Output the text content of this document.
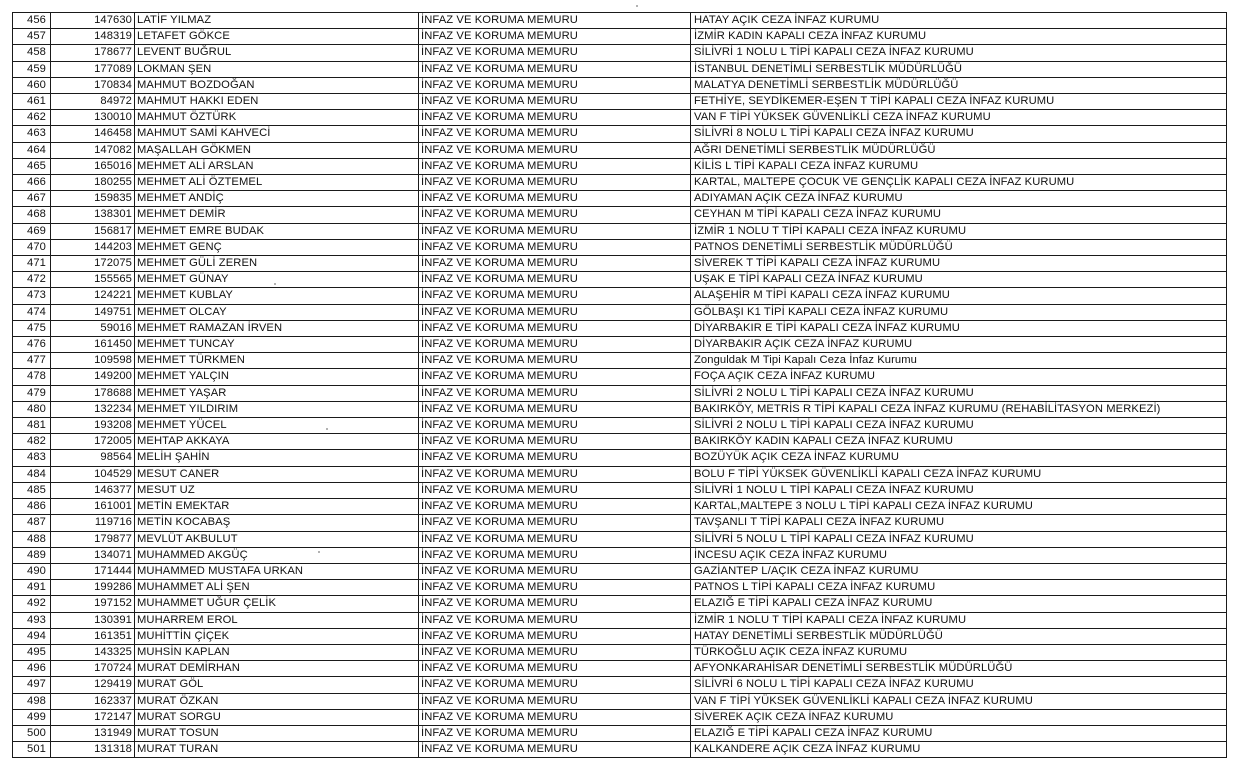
456	147630	LATİF YILMAZ	İNFAZ VE KORUMA MEMURU	HATAY AÇIK CEZA İNFAZ KURUMU
457	148319	LETAFET GÖKCE	İNFAZ VE KORUMA MEMURU	İZMİR KADIN KAPALI CEZA İNFAZ KURUMU
458	178677	LEVENT BUĞRUL	İNFAZ VE KORUMA MEMURU	SİLİVRİ 1 NOLU L TİPİ KAPALI CEZA İNFAZ KURUMU
459	177089	LOKMAN ŞEN	İNFAZ VE KORUMA MEMURU	İSTANBUL DENETİMLİ SERBESTLİK MÜDÜRLÜĞÜ
460	170834	MAHMUT BOZDOĞAN	İNFAZ VE KORUMA MEMURU	MALATYA DENETİMLİ SERBESTLİK MÜDÜRLÜĞÜ
461	84972	MAHMUT HAKKI EDEN	İNFAZ VE KORUMA MEMURU	FETHİYE, SEYDİKEMER-EŞEN T TİPİ KAPALI CEZA İNFAZ KURUMU
462	130010	MAHMUT ÖZTÜRK	İNFAZ VE KORUMA MEMURU	VAN F TİPİ YÜKSEK GÜVENLİKLİ CEZA İNFAZ KURUMU
463	146458	MAHMUT SAMİ KAHVECİ	İNFAZ VE KORUMA MEMURU	SİLİVRİ 8 NOLU L TİPİ KAPALI CEZA İNFAZ KURUMU
464	147082	MAŞALLAH GÖKMEN	İNFAZ VE KORUMA MEMURU	AĞRI DENETİMLİ SERBESTLİK MÜDÜRLÜĞÜ
465	165016	MEHMET ALİ ARSLAN	İNFAZ VE KORUMA MEMURU	KİLİS L TİPİ KAPALI CEZA İNFAZ KURUMU
466	180255	MEHMET ALİ ÖZTEMEL	İNFAZ VE KORUMA MEMURU	KARTAL, MALTEPE ÇOCUK VE GENÇLİK KAPALI CEZA İNFAZ KURUMU
467	159835	MEHMET ANDİÇ	İNFAZ VE KORUMA MEMURU	ADIYAMAN AÇIK CEZA İNFAZ KURUMU
468	138301	MEHMET DEMİR	İNFAZ VE KORUMA MEMURU	CEYHAN M TİPİ KAPALI CEZA İNFAZ KURUMU
469	156817	MEHMET EMRE BUDAK	İNFAZ VE KORUMA MEMURU	İZMİR 1 NOLU T TİPİ KAPALI CEZA İNFAZ KURUMU
470	144203	MEHMET GENÇ	İNFAZ VE KORUMA MEMURU	PATNOS DENETİMLİ SERBESTLİK MÜDÜRLÜĞÜ
471	172075	MEHMET GÜLİ ZEREN	İNFAZ VE KORUMA MEMURU	SİVEREK T TİPİ KAPALI CEZA İNFAZ KURUMU
472	155565	MEHMET GÜNAY	İNFAZ VE KORUMA MEMURU	UŞAK E TİPİ KAPALI CEZA İNFAZ KURUMU
473	124221	MEHMET KUBLAY	İNFAZ VE KORUMA MEMURU	ALAŞEHİR M TİPİ KAPALI CEZA İNFAZ KURUMU
474	149751	MEHMET OLCAY	İNFAZ VE KORUMA MEMURU	GÖLBAŞI K1 TİPİ KAPALI CEZA İNFAZ KURUMU
475	59016	MEHMET RAMAZAN İRVEN	İNFAZ VE KORUMA MEMURU	DİYARBAKIR E TİPİ KAPALI CEZA İNFAZ KURUMU
476	161450	MEHMET TUNCAY	İNFAZ VE KORUMA MEMURU	DİYARBAKIR AÇIK CEZA İNFAZ KURUMU
477	109598	MEHMET TÜRKMEN	İNFAZ VE KORUMA MEMURU	Zonguldak M Tipi Kapalı Ceza İnfaz Kurumu
478	149200	MEHMET YALÇIN	İNFAZ VE KORUMA MEMURU	FOÇA AÇIK CEZA İNFAZ KURUMU
479	178688	MEHMET YAŞAR	İNFAZ VE KORUMA MEMURU	SİLİVRİ 2 NOLU L TİPİ KAPALI CEZA İNFAZ KURUMU
480	132234	MEHMET YILDIRIM	İNFAZ VE KORUMA MEMURU	BAKIRKÖY, METRİS R TİPİ KAPALI CEZA İNFAZ KURUMU (REHABİLİTASYON MERKEZİ)
481	193208	MEHMET YÜCEL	İNFAZ VE KORUMA MEMURU	SİLİVRİ 2 NOLU L TİPİ KAPALI CEZA İNFAZ KURUMU
482	172005	MEHTAP AKKAYA	İNFAZ VE KORUMA MEMURU	BAKIRKÖY KADIN KAPALI CEZA İNFAZ KURUMU
483	98564	MELİH ŞAHİN	İNFAZ VE KORUMA MEMURU	BOZÜYÜK AÇIK CEZA İNFAZ KURUMU
484	104529	MESUT CANER	İNFAZ VE KORUMA MEMURU	BOLU F TİPİ YÜKSEK GÜVENLİKLİ KAPALI CEZA İNFAZ KURUMU
485	146377	MESUT UZ	İNFAZ VE KORUMA MEMURU	SİLİVRİ 1 NOLU L TİPİ KAPALI CEZA İNFAZ KURUMU
486	161001	METİN EMEKTAR	İNFAZ VE KORUMA MEMURU	KARTAL,MALTEPE 3 NOLU L TİPİ KAPALI CEZA İNFAZ KURUMU
487	119716	METİN KOCABAŞ	İNFAZ VE KORUMA MEMURU	TAVŞANLI T TİPİ KAPALI CEZA İNFAZ KURUMU
488	179877	MEVLÜT AKBULUT	İNFAZ VE KORUMA MEMURU	SİLİVRİ 5 NOLU L TİPİ KAPALI CEZA İNFAZ KURUMU
489	134071	MUHAMMED AKGÜÇ	İNFAZ VE KORUMA MEMURU	İNCESU AÇIK CEZA İNFAZ KURUMU
490	171444	MUHAMMED MUSTAFA URKAN	İNFAZ VE KORUMA MEMURU	GAZİANTEP L/AÇIK CEZA İNFAZ KURUMU
491	199286	MUHAMMET ALİ ŞEN	İNFAZ VE KORUMA MEMURU	PATNOS L TİPİ KAPALI CEZA İNFAZ KURUMU
492	197152	MUHAMMET UĞUR ÇELİK	İNFAZ VE KORUMA MEMURU	ELAZIĞ E TİPİ KAPALI CEZA İNFAZ KURUMU
493	130391	MUHARREM EROL	İNFAZ VE KORUMA MEMURU	İZMİR 1 NOLU T TİPİ KAPALI CEZA İNFAZ KURUMU
494	161351	MUHİTTİN ÇİÇEK	İNFAZ VE KORUMA MEMURU	HATAY DENETİMLİ SERBESTLİK MÜDÜRLÜĞÜ
495	143325	MUHSİN KAPLAN	İNFAZ VE KORUMA MEMURU	TÜRKOĞLU AÇIK CEZA İNFAZ KURUMU
496	170724	MURAT DEMİRHAN	İNFAZ VE KORUMA MEMURU	AFYONKARAHİSAR DENETİMLİ SERBESTLİK MÜDÜRLÜĞÜ
497	129419	MURAT GÖL	İNFAZ VE KORUMA MEMURU	SİLİVRİ 6 NOLU L TİPİ KAPALI CEZA İNFAZ KURUMU
498	162337	MURAT ÖZKAN	İNFAZ VE KORUMA MEMURU	VAN F TİPİ YÜKSEK GÜVENLİKLİ KAPALI CEZA İNFAZ KURUMU
499	172147	MURAT SORGU	İNFAZ VE KORUMA MEMURU	SİVEREK AÇIK CEZA İNFAZ KURUMU
500	131949	MURAT TOSUN	İNFAZ VE KORUMA MEMURU	ELAZIĞ E TİPİ KAPALI CEZA İNFAZ KURUMU
501	131318	MURAT TURAN	İNFAZ VE KORUMA MEMURU	KALKANDERE AÇIK CEZA İNFAZ KURUMU
